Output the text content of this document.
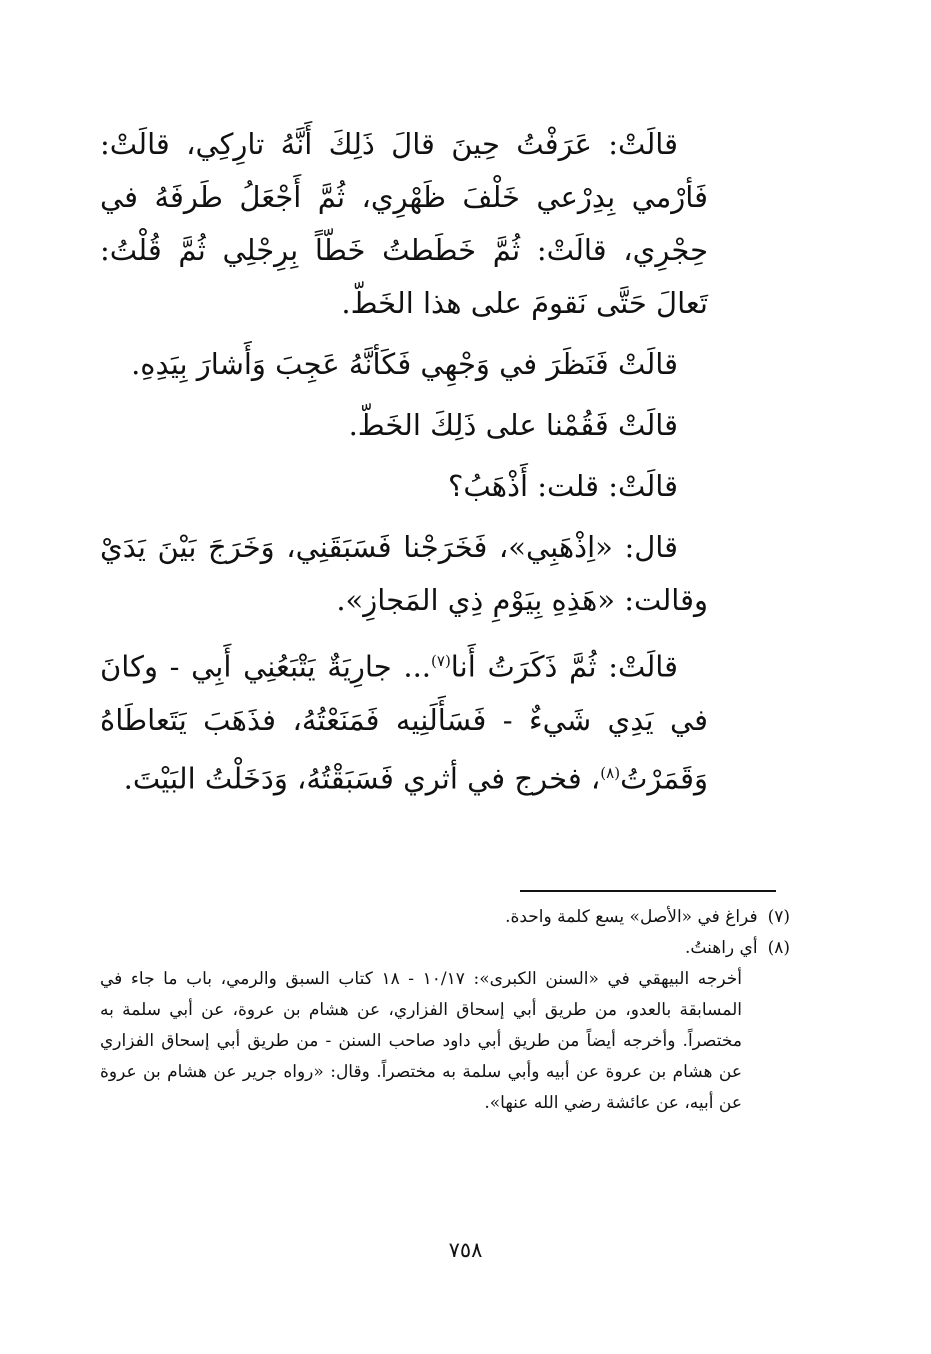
قالَتْ: عَرَفْتُ حِينَ قالَ ذَلِكَ أَنَّهُ تارِكِي، قالَتْ: فَأرْمي بِدِرْعي خَلْفَ ظَهْرِي، ثُمَّ أَجْعَلُ طَرفَهُ في حِجْرِي، قالَتْ: ثُمَّ خَطَطتُ خَطّاً بِرِجْلِي ثُمَّ قُلْتُ: تَعالَ حَتَّى نَقومَ على هذا الخَطّ.

قالَتْ فَنَظَرَ في وَجْهِي فَكَأنَّهُ عَجِبَ وَأَشارَ بِيَدِهِ.

قالَتْ فَقُمْنا على ذَلِكَ الخَطّ.

قالَتْ: قلت: أَذْهَبُ؟

قال: «اِذْهَبِي»، فَخَرَجْنا فَسَبَقَنِي، وَخَرَجَ بَيْنَ يَدَيْ وقالت: «هَذِهِ بِيَوْمِ ذِي المَجازِ».

قالَتْ: ثُمَّ ذَكَرَتُ أَنا$^{(٧)}$... جارِيَةٌ يَتْبَعُنِي أَبِي - وكانَ في يَدِي شَيءٌ - فَسَأَلَنِيه فَمَنَعْتُهُ، فذَهَبَ يَتَعاطَاهُ وَقَمَرْتُ$^{(٨)}$، فخرج في أثري فَسَبَقْتُهُ، وَدَخَلْتُ البَيْتَ.

(٧)
فراغ في «الأصل» يسع كلمة واحدة.

(٨)
أي راهنتُ.

أخرجه البيهقي في «السنن الكبرى»: ١٠/١٧ - ١٨ كتاب السبق والرمي، باب ما جاء في المسابقة بالعدو، من طريق أبي إسحاق الفزاري، عن هشام بن عروة، عن أبي سلمة به مختصراً. وأخرجه أيضاً من طريق أبي داود صاحب السنن - من طريق أبي إسحاق الفزاري عن هشام بن عروة عن أبيه وأبي سلمة به مختصراً. وقال: «رواه جرير عن هشام بن عروة عن أبيه، عن عائشة رضي الله عنها».

٧٥٨
